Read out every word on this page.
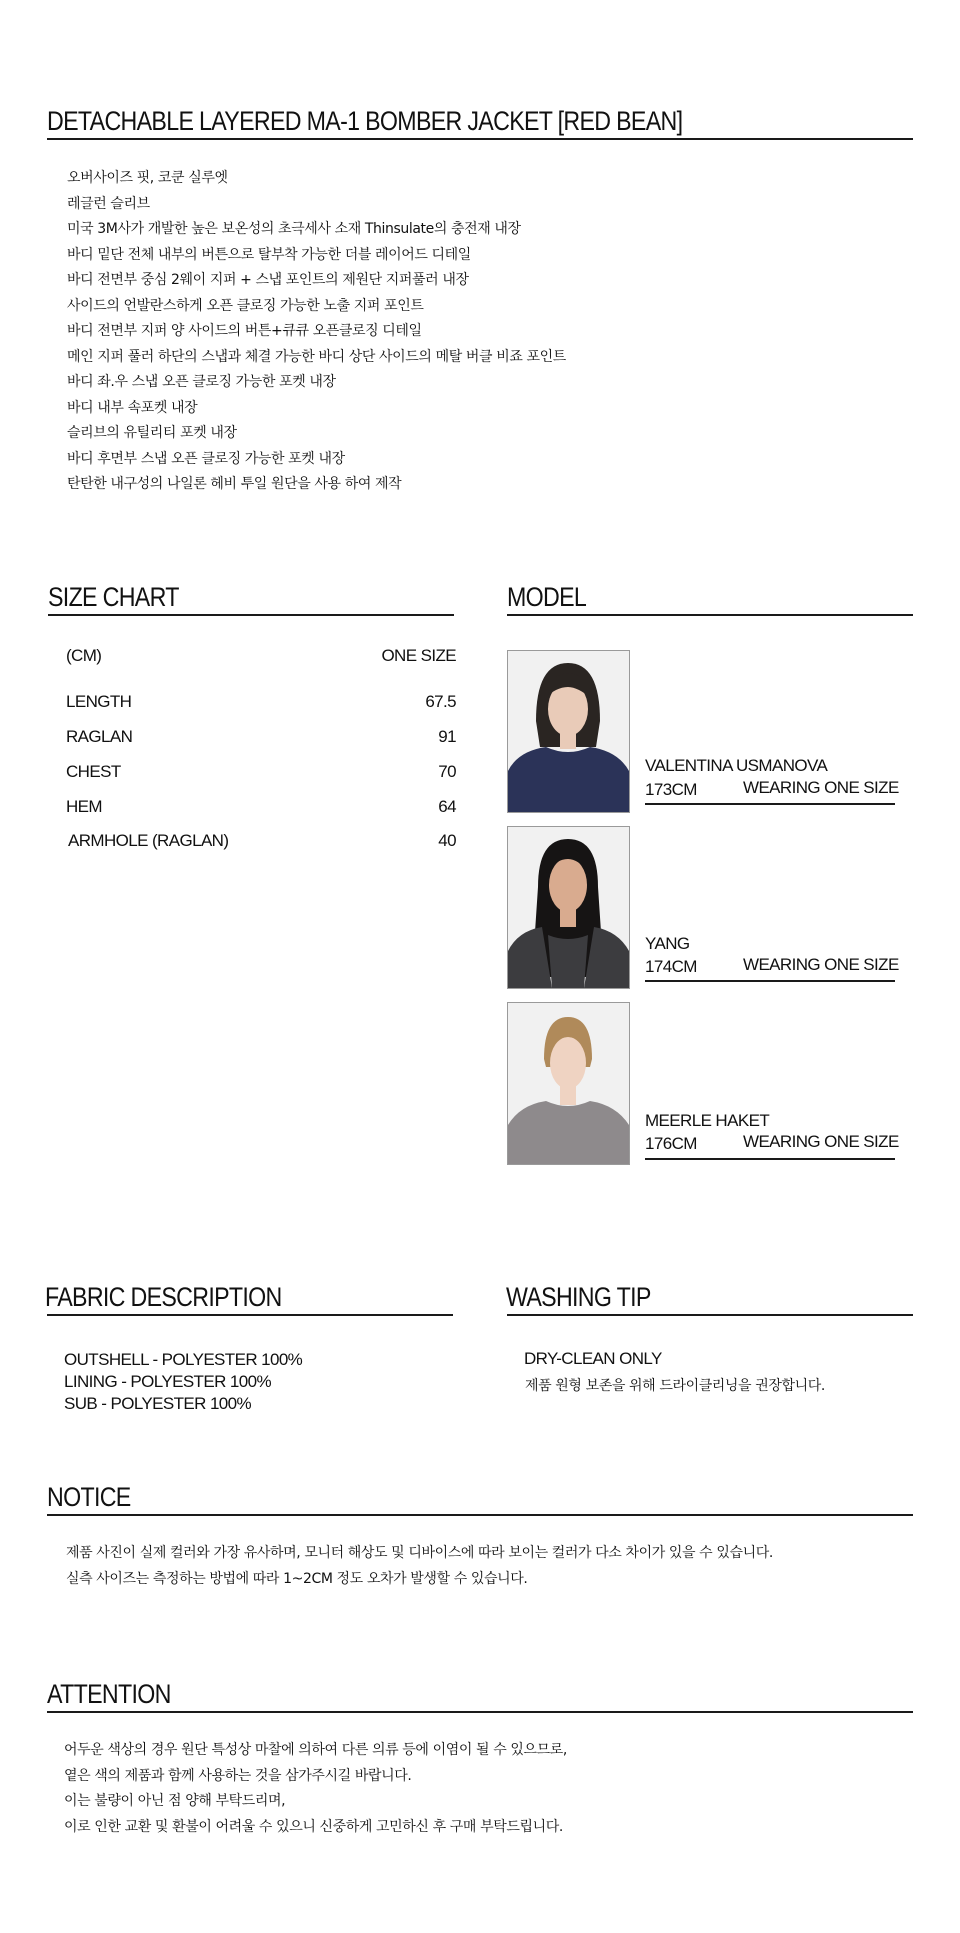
DETACHABLE LAYERED MA-1 BOMBER JACKET [RED BEAN]
오버사이즈 핏, 코쿤 실루엣
레글런 슬리브
미국 3M사가 개발한 높은 보온성의 초극세사 소재 Thinsulate의 충전재 내장
바디 밑단 전체 내부의 버튼으로 탈부착 가능한 더블 레이어드 디테일
바디 전면부 중심 2웨이 지퍼 + 스냅 포인트의 제원단 지퍼풀러 내장
사이드의 언발란스하게 오픈 클로징 가능한 노출 지퍼 포인트
바디 전면부 지퍼 양 사이드의 버튼+큐큐 오픈클로징 디테일
메인 지퍼 풀러 하단의 스냅과 체결 가능한 바디 상단 사이드의 메탈 버클 비죠 포인트
바디 좌.우 스냅 오픈 클로징 가능한 포켓 내장
바디 내부 속포켓 내장
슬리브의 유틸리티 포켓 내장
바디 후면부 스냅 오픈 클로징 가능한 포켓 내장
탄탄한 내구성의 나일론 헤비 투일 원단을 사용 하여 제작
SIZE CHART
(CM)	ONE SIZE
LENGTH	67.5
RAGLAN	91
CHEST	70
HEM	64
ARMHOLE (RAGLAN)	40
MODEL
VALENTINA USMANOVA
173CM	WEARING ONE SIZE
YANG
174CM	WEARING ONE SIZE
MEERLE HAKET
176CM	WEARING ONE SIZE
FABRIC DESCRIPTION
OUTSHELL - POLYESTER 100%
LINING - POLYESTER 100%
SUB - POLYESTER 100%
WASHING TIP
DRY-CLEAN ONLY
제품 원형 보존을 위해 드라이클리닝을 권장합니다.
NOTICE
제품 사진이 실제 컬러와 가장 유사하며, 모니터 해상도 및 디바이스에 따라 보이는 컬러가 다소 차이가 있을 수 있습니다.
실측 사이즈는 측정하는 방법에 따라 1~2CM 정도 오차가 발생할 수 있습니다.
ATTENTION
어두운 색상의 경우 원단 특성상 마찰에 의하여 다른 의류 등에 이염이 될 수 있으므로,
옅은 색의 제품과 함께 사용하는 것을 삼가주시길 바랍니다.
이는 불량이 아닌 점 양해 부탁드리며,
이로 인한 교환 및 환불이 어려울 수 있으니 신중하게 고민하신 후 구매 부탁드립니다.
